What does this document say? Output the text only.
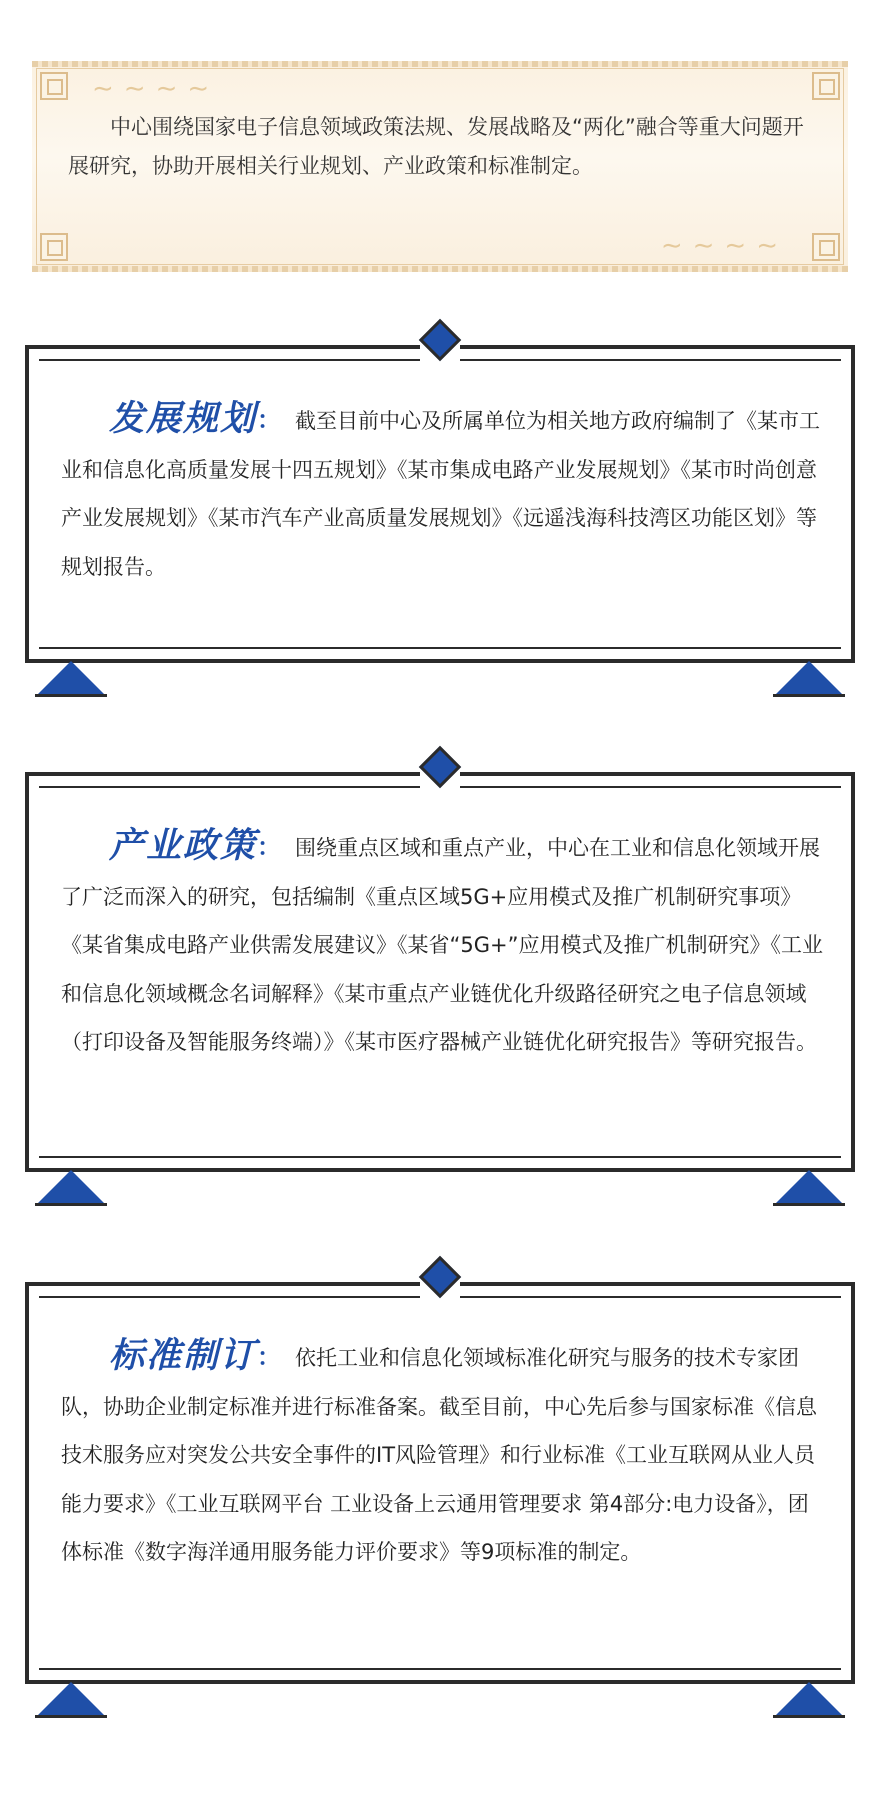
∼∼∼∼
∼∼∼∼

中心围绕国家电子信息领域政策法规、发展战略及“两化”融合等重大问题开展研究，协助开展相关行业规划、产业政策和标准制定。

发展规划： 截至目前中心及所属单位为相关地方政府编制了《某市工业和信息化高质量发展十四五规划》《某市集成电路产业发展规划》《某市时尚创意产业发展规划》《某市汽车产业高质量发展规划》《远遥浅海科技湾区功能区划》等规划报告。

产业政策： 围绕重点区域和重点产业，中心在工业和信息化领域开展了广泛而深入的研究，包括编制《重点区域5G+应用模式及推广机制研究事项》《某省集成电路产业供需发展建议》《某省“5G+”应用模式及推广机制研究》《工业和信息化领域概念名词解释》《某市重点产业链优化升级路径研究之电子信息领域（打印设备及智能服务终端）》《某市医疗器械产业链优化研究报告》等研究报告。

标准制订： 依托工业和信息化领域标准化研究与服务的技术专家团队，协助企业制定标准并进行标准备案。截至目前，中心先后参与国家标准《信息技术服务应对突发公共安全事件的IT风险管理》和行业标准《工业互联网从业人员能力要求》《工业互联网平台 工业设备上云通用管理要求 第4部分:电力设备》，团体标准《数字海洋通用服务能力评价要求》等9项标准的制定。
